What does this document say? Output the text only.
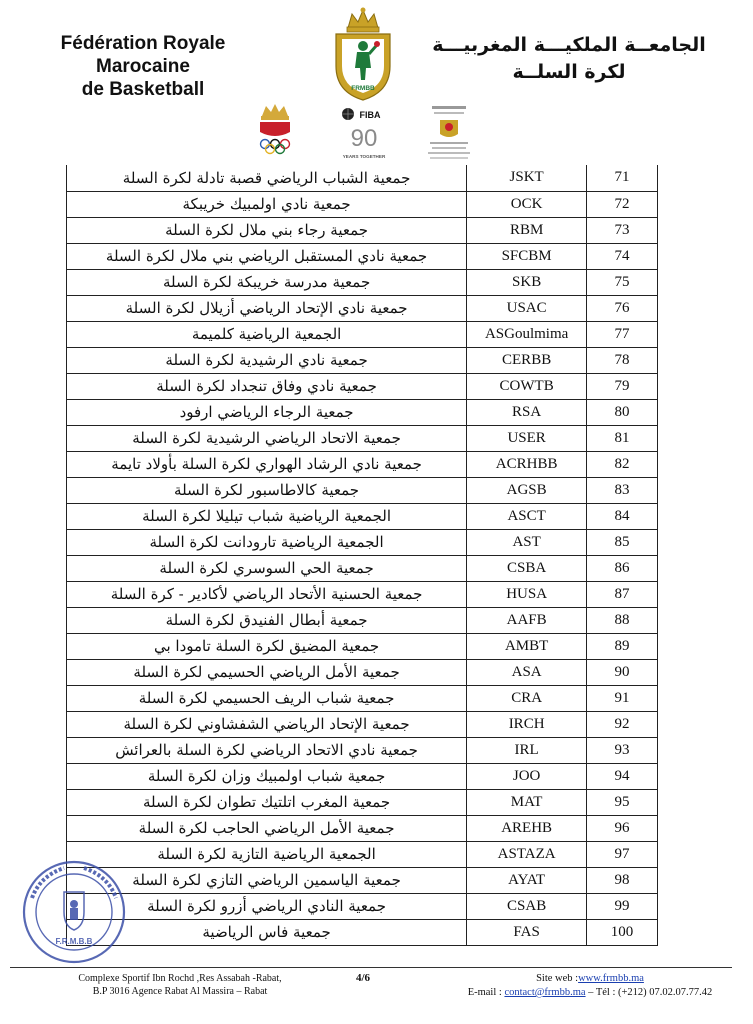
Fédération Royale Marocaine
de Basketball
الجامعــة الملكيـــة المغربيـــة
لكرة السلــة
FRMBB
FIBA
90
YEARS TOGETHER
جمعية الشباب الرياضي قصبة تادلة لكرة السلة	JSKT	71
جمعية نادي اولمبيك خريبكة	OCK	72
جمعية رجاء بني ملال لكرة السلة	RBM	73
جمعية نادي المستقبل الرياضي بني ملال لكرة السلة	SFCBM	74
جمعية مدرسة خريبكة لكرة السلة	SKB	75
جمعية نادي الإتحاد الرياضي أزيلال لكرة السلة	USAC	76
الجمعية الرياضية كلميمة	ASGoulmima	77
جمعية نادي الرشيدية لكرة السلة	CERBB	78
جمعية نادي وفاق تنجداد لكرة السلة	COWTB	79
جمعية الرجاء الرياضي ارفود	RSA	80
جمعية الاتحاد الرياضي الرشيدية لكرة السلة	USER	81
جمعية نادي الرشاد الهواري لكرة السلة بأولاد تايمة	ACRHBB	82
جمعية كالاطاسبور لكرة السلة	AGSB	83
الجمعية الرياضية شباب تيليلا لكرة السلة	ASCT	84
الجمعية الرياضية تارودانت لكرة السلة	AST	85
جمعية الحي السوسري لكرة السلة	CSBA	86
جمعية الحسنية الأتحاد الرياضي لأكادير - كرة السلة	HUSA	87
جمعية أبطال الفنيدق لكرة السلة	AAFB	88
جمعية المضيق لكرة السلة تامودا بي	AMBT	89
جمعية الأمل الرياضي الحسيمي لكرة السلة	ASA	90
جمعية شباب الريف الحسيمي لكرة السلة	CRA	91
جمعية الإتحاد الرياضي الشفشاوني لكرة السلة	IRCH	92
جمعية نادي الاتحاد الرياضي لكرة السلة بالعرائش	IRL	93
جمعية شباب اولمبيك وزان لكرة السلة	JOO	94
جمعية المغرب اتلتيك تطوان لكرة السلة	MAT	95
جمعية الأمل الرياضي الحاجب لكرة السلة	AREHB	96
الجمعية الرياضية التازية لكرة السلة	ASTAZA	97
جمعية الياسمين الرياضي التازي لكرة السلة	AYAT	98
جمعية النادي الرياضي أزرو لكرة السلة	CSAB	99
جمعية فاس الرياضية	FAS	100
F.R.M.B.B
Complexe Sportif Ibn Rochd ,Res Assabah -Rabat,
B.P 3016 Agence Rabat Al Massira – Rabat
4/6	Site web :www.frmbb.ma
E-mail : contact@frmbb.ma – Tél : (+212) 07.02.07.77.42
